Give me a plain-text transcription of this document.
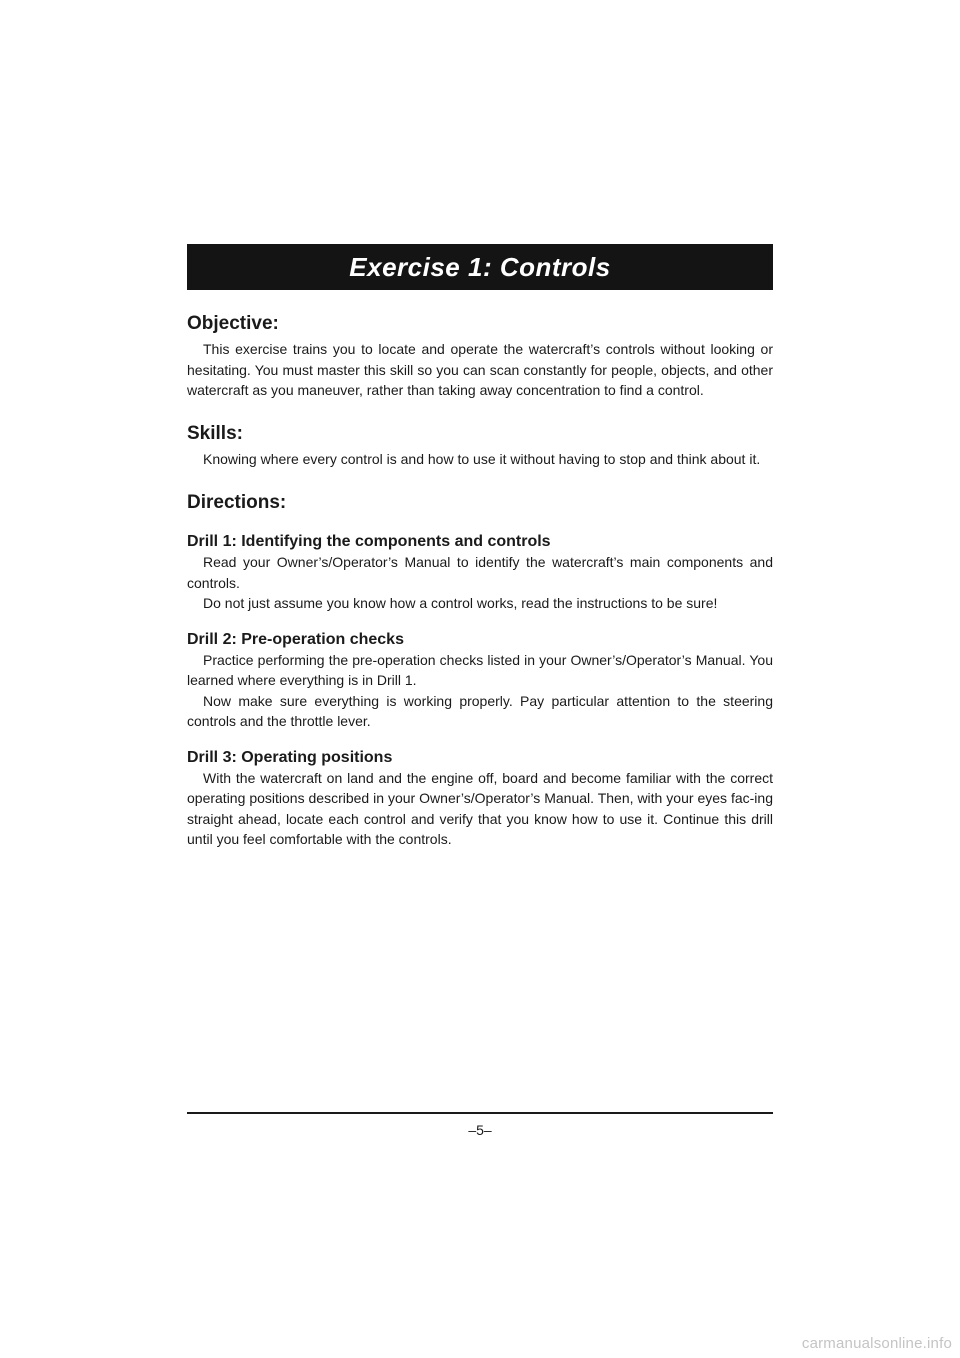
Exercise 1: Controls
Objective:

This exercise trains you to locate and operate the watercraft’s controls without looking or hesitating. You must master this skill so you can scan constantly for people, objects, and other watercraft as you maneuver, rather than taking away concentration to find a control.

Skills:

Knowing where every control is and how to use it without having to stop and think about it.

Directions:
Drill 1: Identifying the components and controls

Read your Owner’s/Operator’s Manual to identify the watercraft’s main components and controls.

Do not just assume you know how a control works, read the instructions to be sure!

Drill 2: Pre-operation checks

Practice performing the pre-operation checks listed in your Owner’s/Operator’s Manual. You learned where everything is in Drill 1.

Now make sure everything is working properly. Pay particular attention to the steering controls and the throttle lever.

Drill 3: Operating positions

With the watercraft on land and the engine off, board and become familiar with the correct operating positions described in your Owner’s/Operator’s Manual. Then, with your eyes fac-ing straight ahead, locate each control and verify that you know how to use it. Continue this drill until you feel comfortable with the controls.

–5–
carmanualsonline.info
